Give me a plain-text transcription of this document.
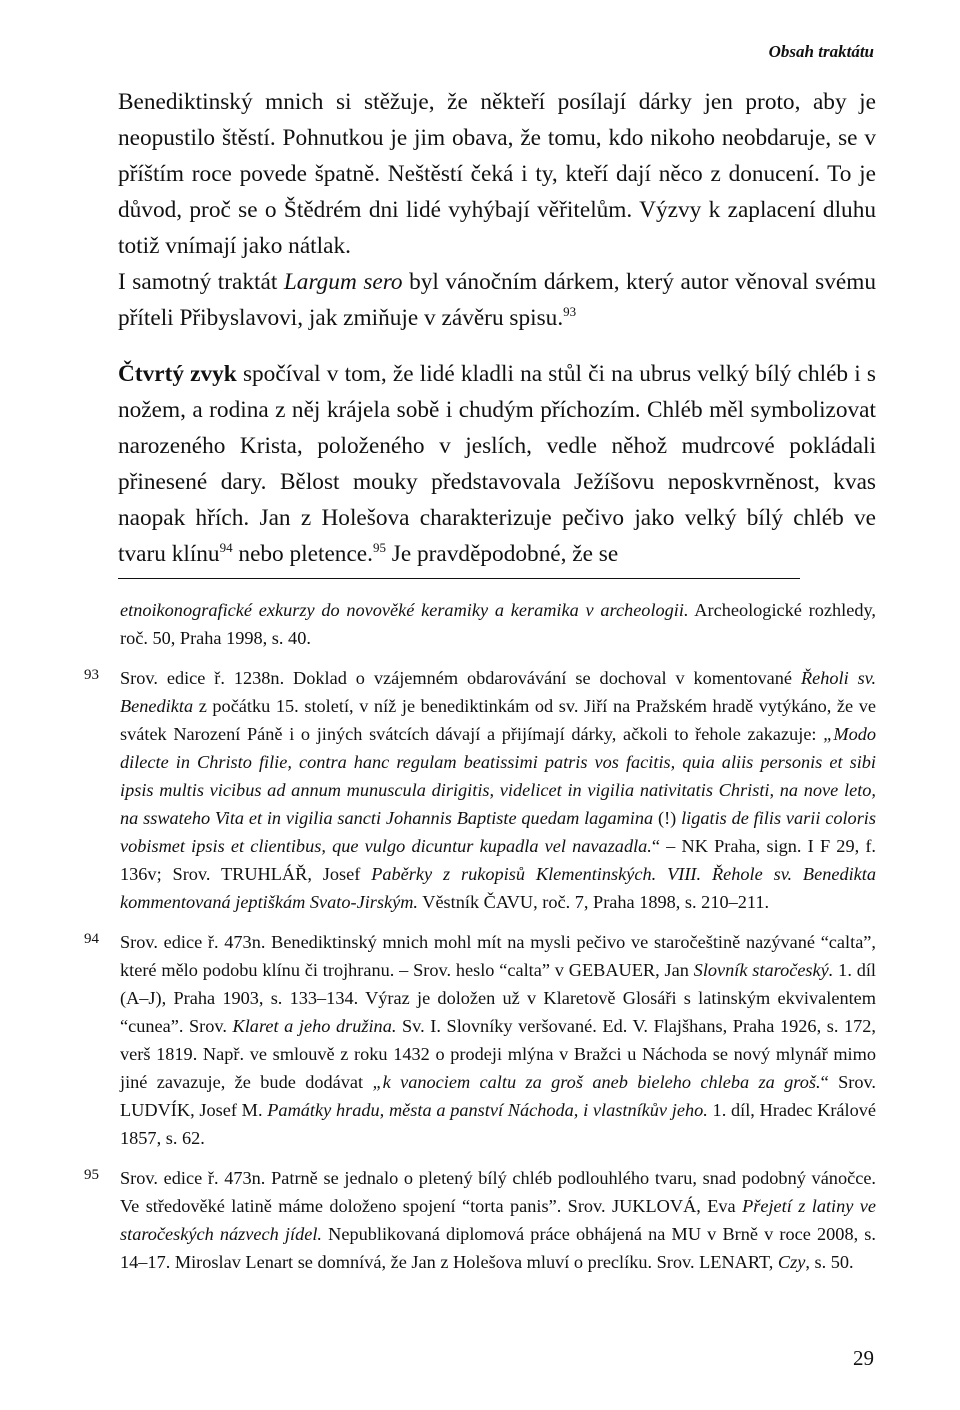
Obsah traktátu

Benediktinský mnich si stěžuje, že někteří posílají dárky jen proto, aby je neopustilo štěstí. Pohnutkou je jim obava, že tomu, kdo nikoho neobdaruje, se v příštím roce povede špatně. Neštěstí čeká i ty, kteří dají něco z donucení. To je důvod, proč se o Štědrém dni lidé vyhýbají věřitelům. Výzvy k zaplacení dluhu totiž vnímají jako nátlak.

I samotný traktát Largum sero byl vánočním dárkem, který autor věnoval svému příteli Přibyslavovi, jak zmiňuje v závěru spisu.$^{93}$

Čtvrtý zvyk spočíval v tom, že lidé kladli na stůl či na ubrus velký bílý chléb i s nožem, a rodina z něj krájela sobě i chudým příchozím. Chléb měl symbolizovat narozeného Krista, položeného v jeslích, vedle něhož mudrcové pokládali přinesené dary. Bělost mouky představovala Ježíšovu neposkvrněnost, kvas naopak hřích. Jan z Holešova charakterizuje pečivo jako velký bílý chléb ve tvaru klínu$^{94}$ nebo pletence.$^{95}$ Je pravděpodobné, že se

etnoikonografické exkurzy do novověké keramiky a keramika v archeologii. Archeologické rozhledy, roč. 50, Praha 1998, s. 40.
93 Srov. edice ř. 1238n. Doklad o vzájemném obdarovávání se dochoval v komentované Řeholi sv. Benedikta z počátku 15. století, v níž je benediktinkám od sv. Jiří na Pražském hradě vytýkáno, že ve svátek Narození Páně i o jiných svátcích dávají a přijímají dárky, ačkoli to řehole zakazuje: „Modo dilecte in Christo filie, contra hanc regulam beatissimi patris vos facitis, quia aliis personis et sibi ipsis multis vicibus ad annum munuscula dirigitis, videlicet in vigilia nativitatis Christi, na nove leto, na sswateho Vita et in vigilia sancti Johannis Baptiste quedam lagamina (!) ligatis de filis varii coloris vobismet ipsis et clientibus, que vulgo dicuntur kupadla vel navazadla.“ – NK Praha, sign. I F 29, f. 136v; Srov. TRUHLÁŘ, Josef Paběrky z rukopisů Klementinských. VIII. Řehole sv. Benedikta kommentovaná jeptiškám Svato-Jirským. Věstník ČAVU, roč. 7, Praha 1898, s. 210–211.
94 Srov. edice ř. 473n. Benediktinský mnich mohl mít na mysli pečivo ve staročeštině nazývané “calta”, které mělo podobu klínu či trojhranu. – Srov. heslo “calta” v GEBAUER, Jan Slovník staročeský. 1. díl (A–J), Praha 1903, s. 133–134. Výraz je doložen už v Klaretově Glosáři s latinským ekvivalentem “cunea”. Srov. Klaret a jeho družina. Sv. I. Slovníky veršované. Ed. V. Flajšhans, Praha 1926, s. 172, verš 1819. Např. ve smlouvě z roku 1432 o prodeji mlýna v Bražci u Náchoda se nový mlynář mimo jiné zavazuje, že bude dodávat „k vanociem caltu za groš aneb bieleho chleba za groš.“ Srov. LUDVÍK, Josef M. Památky hradu, města a panství Náchoda, i vlastníkův jeho. 1. díl, Hradec Králové 1857, s. 62.
95 Srov. edice ř. 473n. Patrně se jednalo o pletený bílý chléb podlouhlého tvaru, snad podobný vánočce. Ve středověké latině máme doloženo spojení “torta panis”. Srov. JUKLOVÁ, Eva Přejetí z latiny ve staročeských názvech jídel. Nepublikovaná diplomová práce obhájená na MU v Brně v roce 2008, s. 14–17. Miroslav Lenart se domnívá, že Jan z Holešova mluví o preclíku. Srov. LENART, Czy, s. 50.
29
